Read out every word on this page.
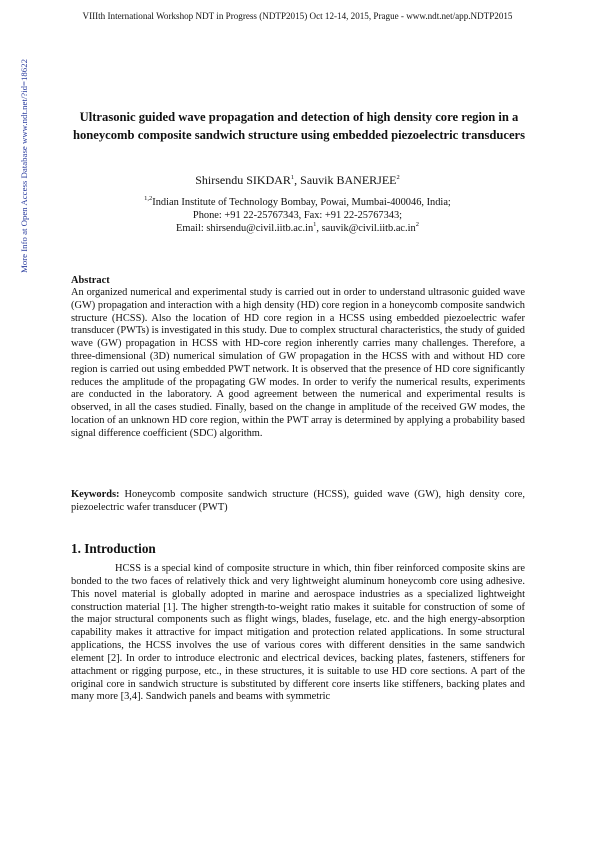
VIIIth International Workshop NDT in Progress (NDTP2015) Oct 12-14, 2015, Prague - www.ndt.net/app.NDTP2015
More Info at Open Access Database www.ndt.net/?id=18622	Ultrasonic guided wave propagation and detection of high density core region in a honeycomb composite sandwich structure using embedded piezoelectric transducers
Shirsendu SIKDAR$^1$, Sauvik BANERJEE$^2$
$^{1,2}$Indian Institute of Technology Bombay, Powai, Mumbai-400046, India;
Phone: +91 22-25767343, Fax: +91 22-25767343;
Email: $shirsendu@civil.iitb.ac.in^1$, $sauvik@civil.iitb.ac.in^2$
Abstract
An organized numerical and experimental study is carried out in order to understand ultrasonic guided wave (GW) propagation and interaction with a high density (HD) core region in a honeycomb composite sandwich structure (HCSS). Also the location of HD core region in a HCSS using embedded piezoelectric wafer transducer (PWTs) is investigated in this study. Due to complex structural characteristics, the study of guided wave (GW) propagation in HCSS with HD-core region inherently carries many challenges. Therefore, a three-dimensional (3D) numerical simulation of GW propagation in the HCSS with and without HD core region is carried out using embedded PWT network. It is observed that the presence of HD core significantly reduces the amplitude of the propagating GW modes. In order to verify the numerical results, experiments are conducted in the laboratory. A good agreement between the numerical and experimental results is observed, in all the cases studied. Finally, based on the change in amplitude of the received GW modes, the location of an unknown HD core region, within the PWT array is determined by applying a probability based signal difference coefficient (SDC) algorithm.
Keywords: Honeycomb composite sandwich structure (HCSS), guided wave (GW), high density core, piezoelectric wafer transducer (PWT)
1. Introduction
HCSS is a special kind of composite structure in which, thin fiber reinforced composite skins are bonded to the two faces of relatively thick and very lightweight aluminum honeycomb core using adhesive. This novel material is globally adopted in marine and aerospace industries as a specialized lightweight construction material [1]. The higher strength-to-weight ratio makes it suitable for construction of some of the major structural components such as flight wings, blades, fuselage, etc. and the high energy-absorption capability makes it attractive for impact mitigation and protection related applications. In some structural applications, the HCSS involves the use of various cores with different densities in the same sandwich element [2]. In order to introduce electronic and electrical devices, backing plates, fasteners, stiffeners for attachment or rigging purpose, etc., in these structures, it is suitable to use HD core sections. A part of the original core in sandwich structure is substituted by different core inserts like stiffeners, backing plates and many more [3,4]. Sandwich panels and beams with symmetric
